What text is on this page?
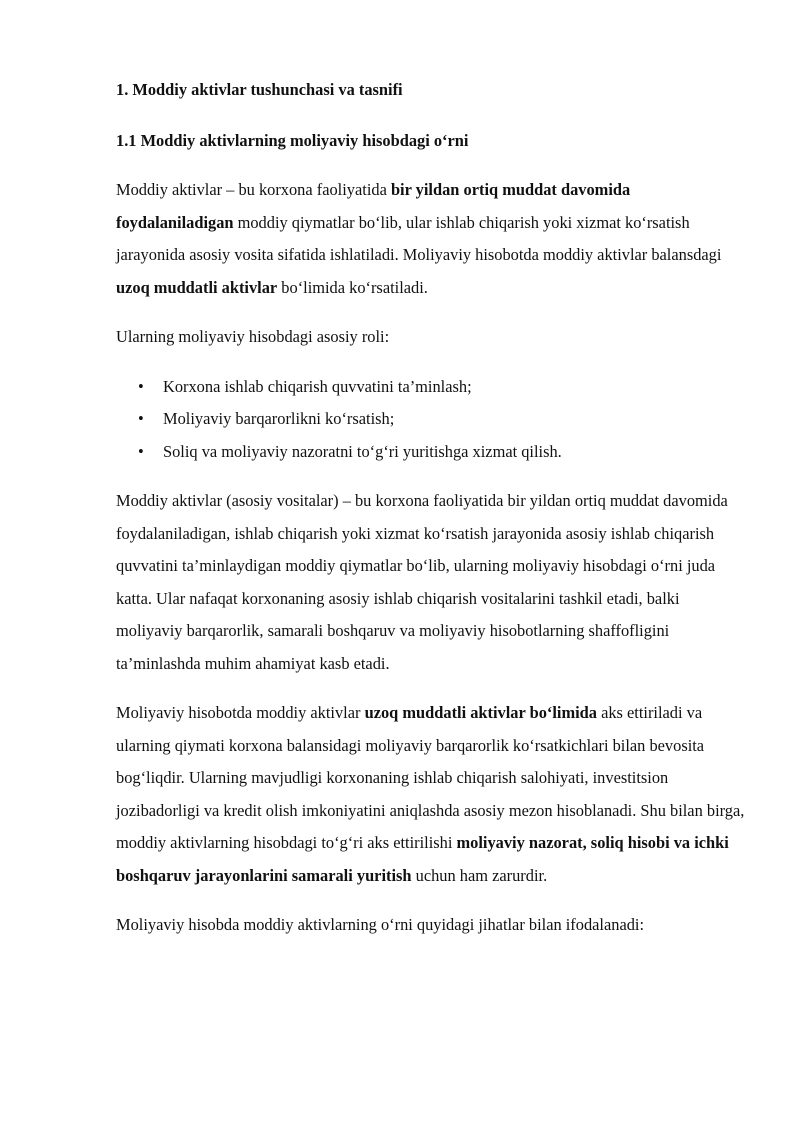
1. Moddiy aktivlar tushunchasi va tasnifi
1.1 Moddiy aktivlarning moliyaviy hisobdagi o‘rni

Moddiy aktivlar – bu korxona faoliyatida bir yildan ortiq muddat davomida foydalaniladigan moddiy qiymatlar bo‘lib, ular ishlab chiqarish yoki xizmat ko‘rsatish jarayonida asosiy vosita sifatida ishlatiladi. Moliyaviy hisobotda moddiy aktivlar balansdagi uzoq muddatli aktivlar bo‘limida ko‘rsatiladi.

Ularning moliyaviy hisobdagi asosiy roli:

• Korxona ishlab chiqarish quvvatini ta’minlash;
• Moliyaviy barqarorlikni ko‘rsatish;
• Soliq va moliyaviy nazoratni to‘g‘ri yuritishga xizmat qilish.

Moddiy aktivlar (asosiy vositalar) – bu korxona faoliyatida bir yildan ortiq muddat davomida foydalaniladigan, ishlab chiqarish yoki xizmat ko‘rsatish jarayonida asosiy ishlab chiqarish quvvatini ta’minlaydigan moddiy qiymatlar bo‘lib, ularning moliyaviy hisobdagi o‘rni juda katta. Ular nafaqat korxonaning asosiy ishlab chiqarish vositalarini tashkil etadi, balki moliyaviy barqarorlik, samarali boshqaruv va moliyaviy hisobotlarning shaffofligini ta’minlashda muhim ahamiyat kasb etadi.

Moliyaviy hisobotda moddiy aktivlar uzoq muddatli aktivlar bo‘limida aks ettiriladi va ularning qiymati korxona balansidagi moliyaviy barqarorlik ko‘rsatkichlari bilan bevosita bog‘liqdir. Ularning mavjudligi korxonaning ishlab chiqarish salohiyati, investitsion jozibadorligi va kredit olish imkoniyatini aniqlashda asosiy mezon hisoblanadi. Shu bilan birga, moddiy aktivlarning hisobdagi to‘g‘ri aks ettirilishi moliyaviy nazorat, soliq hisobi va ichki boshqaruv jarayonlarini samarali yuritish uchun ham zarurdir.

Moliyaviy hisobda moddiy aktivlarning o‘rni quyidagi jihatlar bilan ifodalanadi:
